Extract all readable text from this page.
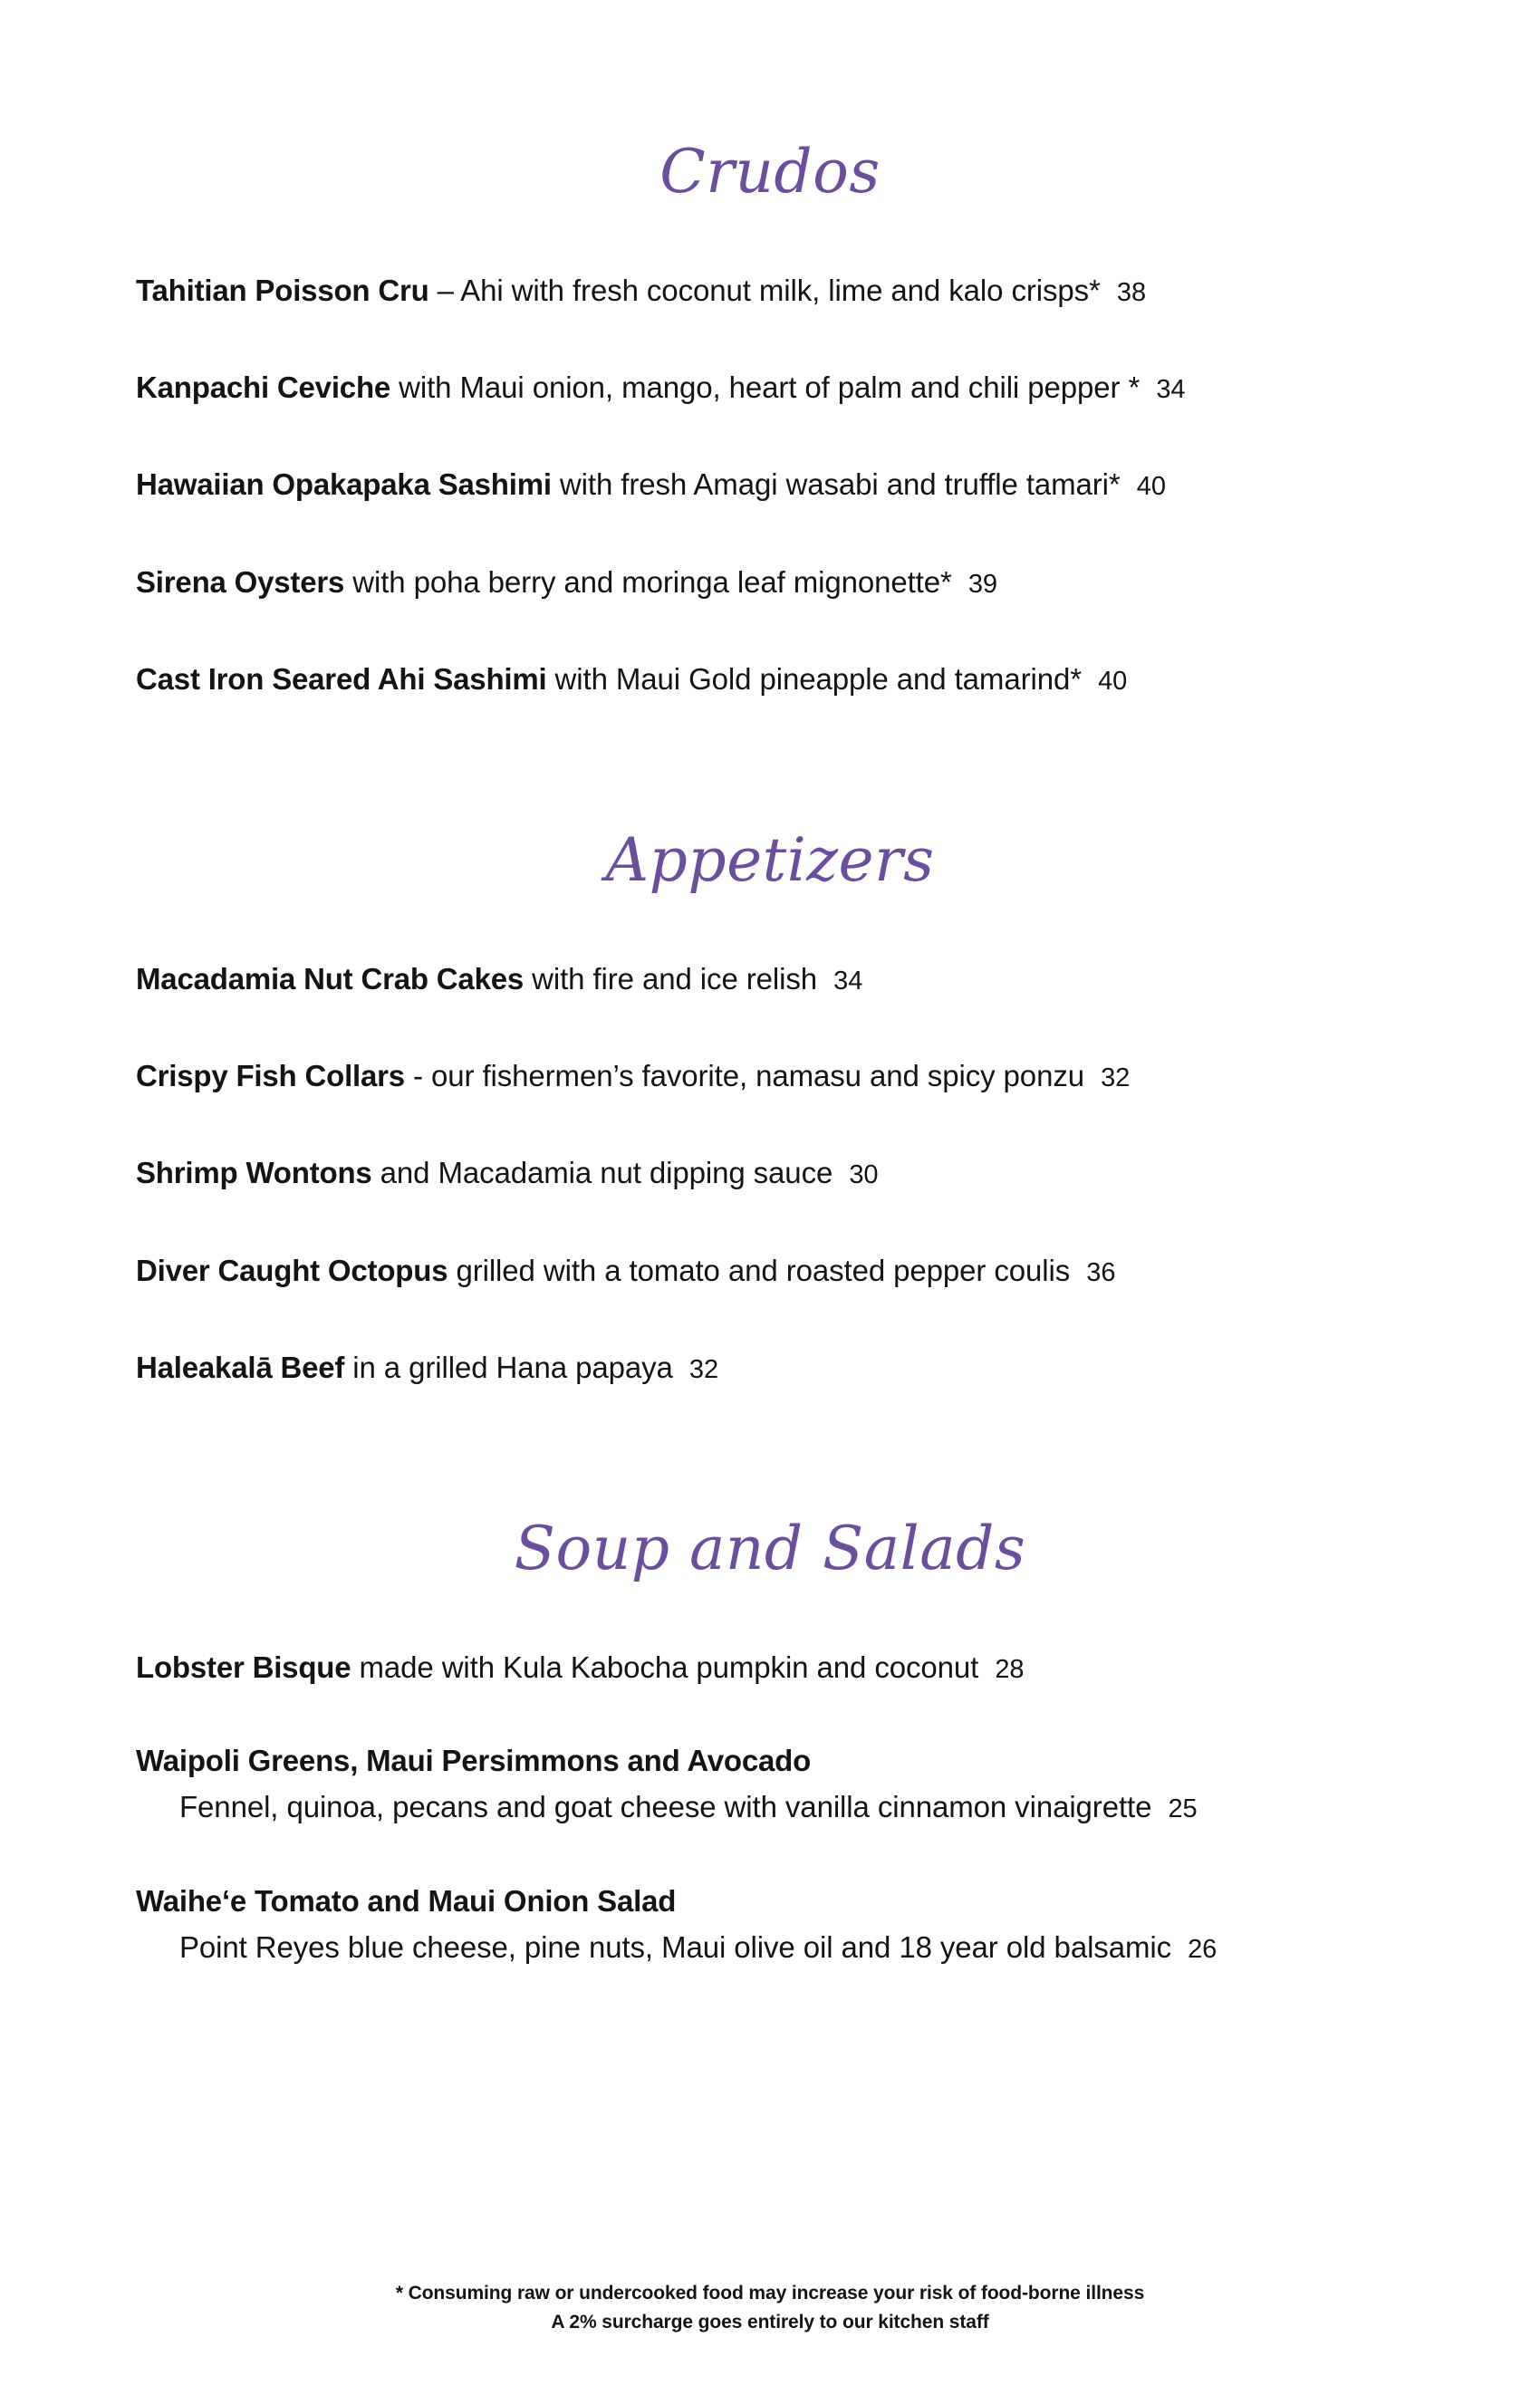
Crudos
Tahitian Poisson Cru – Ahi with fresh coconut milk, lime and kalo crisps* 38
Kanpachi Ceviche with Maui onion, mango, heart of palm and chili pepper * 34
Hawaiian Opakapaka Sashimi with fresh Amagi wasabi and truffle tamari* 40
Sirena Oysters with poha berry and moringa leaf mignonette* 39
Cast Iron Seared Ahi Sashimi with Maui Gold pineapple and tamarind* 40
Appetizers
Macadamia Nut Crab Cakes with fire and ice relish 34
Crispy Fish Collars - our fishermen’s favorite, namasu and spicy ponzu 32
Shrimp Wontons and Macadamia nut dipping sauce 30
Diver Caught Octopus grilled with a tomato and roasted pepper coulis 36
Haleakalā Beef in a grilled Hana papaya 32
Soup and Salads
Lobster Bisque made with Kula Kabocha pumpkin and coconut 28
Waipoli Greens, Maui Persimmons and Avocado
Fennel, quinoa, pecans and goat cheese with vanilla cinnamon vinaigrette 25
Waiheʻe Tomato and Maui Onion Salad
Point Reyes blue cheese, pine nuts, Maui olive oil and 18 year old balsamic 26
* Consuming raw or undercooked food may increase your risk of food-borne illness
A 2% surcharge goes entirely to our kitchen staff
